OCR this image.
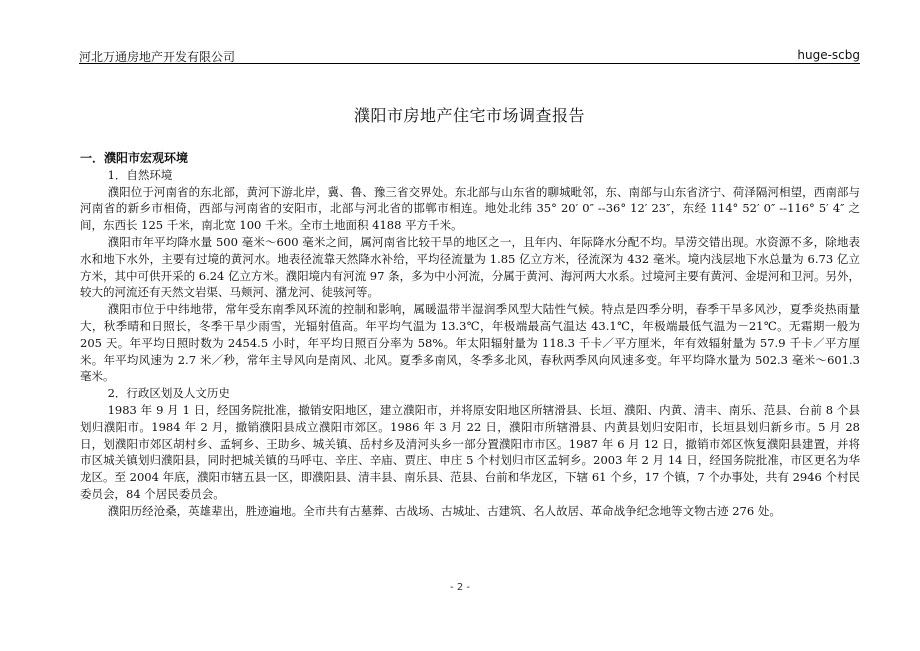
河北万通房地产开发有限公司	huge-scbg
濮阳市房地产住宅市场调查报告

一．濮阳市宏观环境

1．自然环境

濮阳位于河南省的东北部，黄河下游北岸，冀、鲁、豫三省交界处。东北部与山东省的聊城毗邻，东、南部与山东省济宁、荷泽隔河相望，西南部与河南省的新乡市相倚，西部与河南省的安阳市，北部与河北省的邯郸市相连。地处北纬 35° 20′ 0″ --36° 12′ 23″，东经 114° 52′ 0″ --116° 5′ 4″ 之间，东西长 125 千米，南北宽 100 千米。全市土地面积 4188 平方千米。

濮阳市年平均降水量 500 毫米～600 毫米之间，属河南省比较干旱的地区之一，且年内、年际降水分配不均。旱涝交错出现。水资源不多，除地表水和地下水外，主要有过境的黄河水。地表径流靠天然降水补给，平均径流量为 1.85 亿立方米，径流深为 432 毫米。境内浅层地下水总量为 6.73 亿立方米，其中可供开采的 6.24 亿立方米。濮阳境内有河流 97 条，多为中小河流，分属于黄河、海河两大水系。过境河主要有黄河、金堤河和卫河。另外，较大的河流还有天然文岩渠、马颊河、潴龙河、徒骇河等。

濮阳市位于中纬地带，常年受东南季风环流的控制和影响，属暖温带半湿润季风型大陆性气候。特点是四季分明，春季干旱多风沙，夏季炎热雨量大，秋季晴和日照长，冬季干旱少雨雪，光辐射值高。年平均气温为 13.3℃，年极端最高气温达 43.1℃，年极端最低气温为－21℃。无霜期一般为 205 天。年平均日照时数为 2454.5 小时，年平均日照百分率为 58%。年太阳辐射量为 118.3 千卡／平方厘米，年有效辐射量为 57.9 千卡／平方厘米。年平均风速为 2.7 米／秒，常年主导风向是南风、北风。夏季多南风，冬季多北风，春秋两季风向风速多变。年平均降水量为 502.3 毫米～601.3 毫米。

2．行政区划及人文历史

1983 年 9 月 1 日，经国务院批准，撤销安阳地区，建立濮阳市，并将原安阳地区所辖滑县、长垣、濮阳、内黄、清丰、南乐、范县、台前 8 个县划归濮阳市。1984 年 2 月，撤销濮阳县成立濮阳市郊区。1986 年 3 月 22 日，濮阳市所辖滑县、内黄县划归安阳市，长垣县划归新乡市。5 月 28 日，划濮阳市郊区胡村乡、孟轲乡、王助乡、城关镇、岳村乡及清河头乡一部分置濮阳市市区。1987 年 6 月 12 日，撤销市郊区恢复濮阳县建置，并将市区城关镇划归濮阳县，同时把城关镇的马呼屯、辛庄、辛庙、贾庄、申庄 5 个村划归市区孟轲乡。2003 年 2 月 14 日，经国务院批准，市区更名为华龙区。至 2004 年底，濮阳市辖五县一区，即濮阳县、清丰县、南乐县、范县、台前和华龙区，下辖 61 个乡，17 个镇，7 个办事处，共有 2946 个村民委员会，84 个居民委员会。

濮阳历经沧桑，英雄辈出，胜迹遍地。全市共有古墓葬、古战场、古城址、古建筑、名人故居、革命战争纪念地等文物古迹 276 处。

- 2 -
